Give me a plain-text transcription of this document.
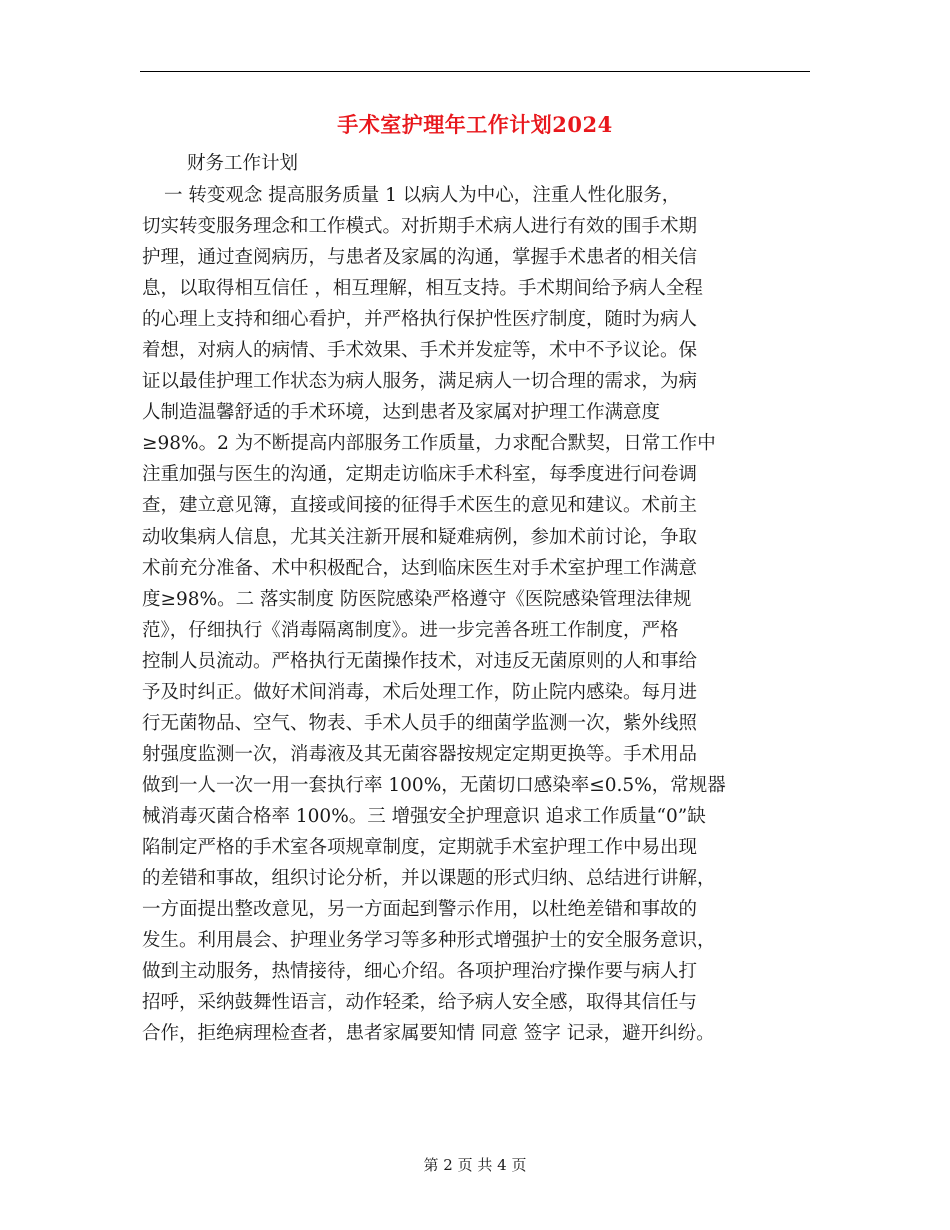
手术室护理年工作计划2024
财务工作计划
一 转变观念 提高服务质量 1 以病人为中心，注重人性化服务，
切实转变服务理念和工作模式。对折期手术病人进行有效的围手术期
护理，通过查阅病历，与患者及家属的沟通，掌握手术患者的相关信
息，以取得相互信任 ，相互理解，相互支持。手术期间给予病人全程
的心理上支持和细心看护，并严格执行保护性医疗制度，随时为病人
着想，对病人的病情、手术效果、手术并发症等，术中不予议论。保
证以最佳护理工作状态为病人服务，满足病人一切合理的需求，为病
人制造温馨舒适的手术环境，达到患者及家属对护理工作满意度
≥98%。2 为不断提高内部服务工作质量，力求配合默契，日常工作中
注重加强与医生的沟通，定期走访临床手术科室，每季度进行问卷调
查，建立意见簿，直接或间接的征得手术医生的意见和建议。术前主
动收集病人信息，尤其关注新开展和疑难病例，参加术前讨论，争取
术前充分准备、术中积极配合，达到临床医生对手术室护理工作满意
度≥98%。二 落实制度 防医院感染严格遵守《医院感染管理法律规
范》，仔细执行《消毒隔离制度》。进一步完善各班工作制度，严格
控制人员流动。严格执行无菌操作技术，对违反无菌原则的人和事给
予及时纠正。做好术间消毒，术后处理工作，防止院内感染。每月进
行无菌物品、空气、物表、手术人员手的细菌学监测一次，紫外线照
射强度监测一次，消毒液及其无菌容器按规定定期更换等。手术用品
做到一人一次一用一套执行率 100%，无菌切口感染率≤0.5%，常规器
械消毒灭菌合格率 100%。三 增强安全护理意识 追求工作质量“0”缺
陷制定严格的手术室各项规章制度，定期就手术室护理工作中易出现
的差错和事故，组织讨论分析，并以课题的形式归纳、总结进行讲解，
一方面提出整改意见，另一方面起到警示作用，以杜绝差错和事故的
发生。利用晨会、护理业务学习等多种形式增强护士的安全服务意识，
做到主动服务，热情接待，细心介绍。各项护理治疗操作要与病人打
招呼，采纳鼓舞性语言，动作轻柔，给予病人安全感，取得其信任与
合作，拒绝病理检查者，患者家属要知情 同意 签字 记录，避开纠纷。
第 2 页 共 4 页
